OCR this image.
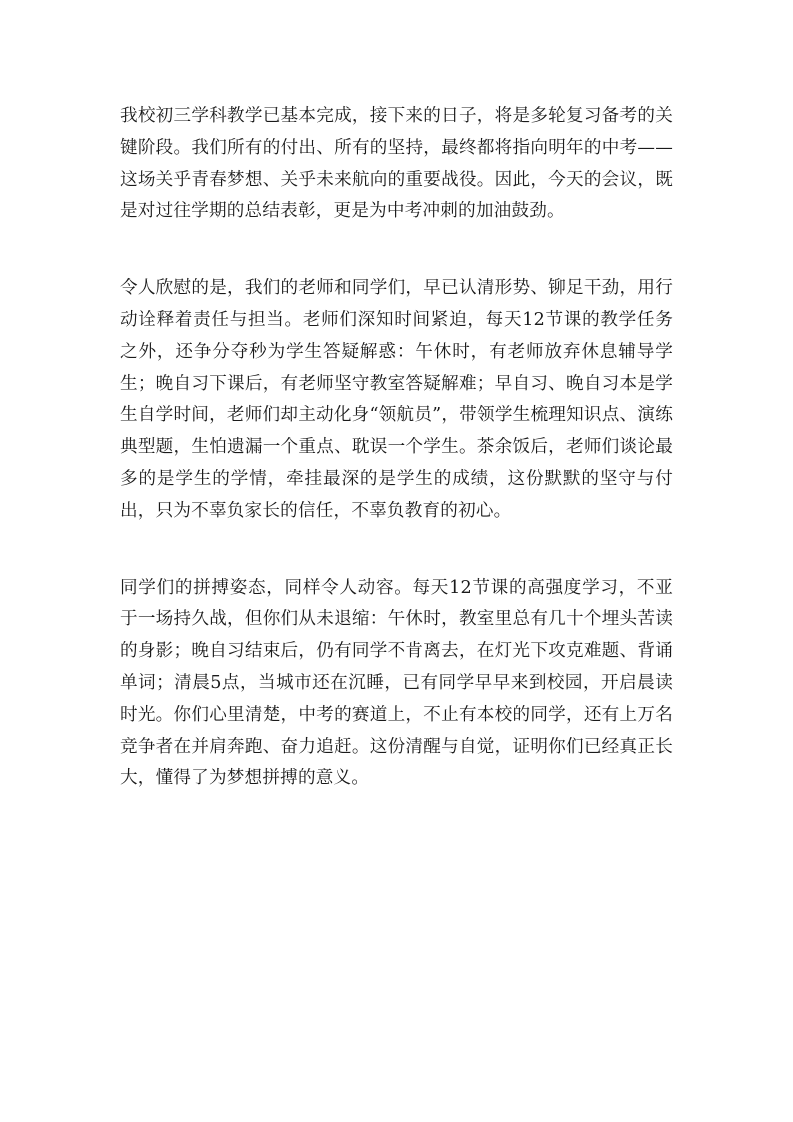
我校初三学科教学已基本完成，接下来的日子，将是多轮复习备考的关键阶段。我们所有的付出、所有的坚持，最终都将指向明年的中考——这场关乎青春梦想、关乎未来航向的重要战役。因此，今天的会议，既是对过往学期的总结表彰，更是为中考冲刺的加油鼓劲。

令人欣慰的是，我们的老师和同学们，早已认清形势、铆足干劲，用行动诠释着责任与担当。老师们深知时间紧迫，每天12节课的教学任务之外，还争分夺秒为学生答疑解惑：午休时，有老师放弃休息辅导学生；晚自习下课后，有老师坚守教室答疑解难；早自习、晚自习本是学生自学时间，老师们却主动化身“领航员”，带领学生梳理知识点、演练典型题，生怕遗漏一个重点、耽误一个学生。茶余饭后，老师们谈论最多的是学生的学情，牵挂最深的是学生的成绩，这份默默的坚守与付出，只为不辜负家长的信任，不辜负教育的初心。

同学们的拼搏姿态，同样令人动容。每天12节课的高强度学习，不亚于一场持久战，但你们从未退缩：午休时，教室里总有几十个埋头苦读的身影；晚自习结束后，仍有同学不肯离去，在灯光下攻克难题、背诵单词；清晨5点，当城市还在沉睡，已有同学早早来到校园，开启晨读时光。你们心里清楚，中考的赛道上，不止有本校的同学，还有上万名竞争者在并肩奔跑、奋力追赶。这份清醒与自觉，证明你们已经真正长大，懂得了为梦想拼搏的意义。
